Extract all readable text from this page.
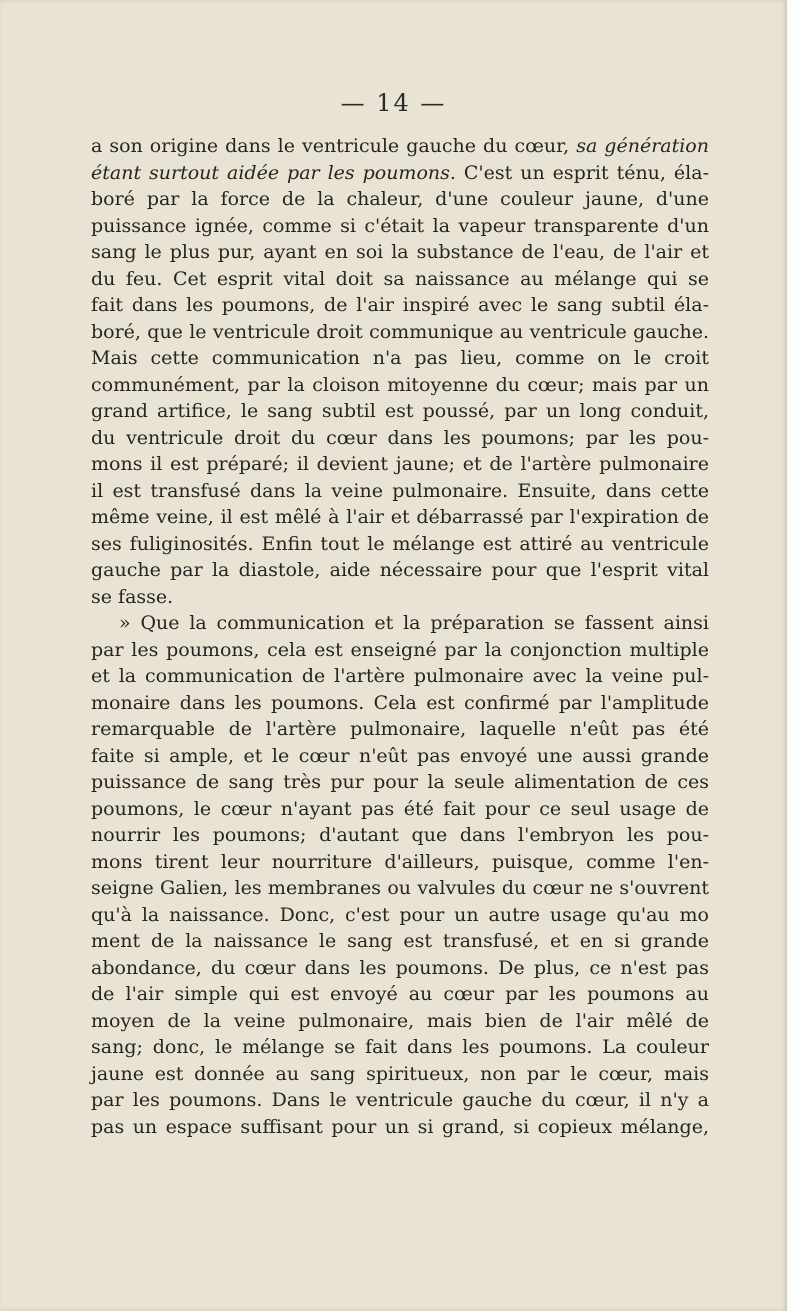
— 14 —
a son origine dans le ventricule gauche du cœur, sa génération
étant surtout aidée par les poumons. C'est un esprit ténu, éla-
boré par la force de la chaleur, d'une couleur jaune, d'une
puissance ignée, comme si c'était la vapeur transparente d'un
sang le plus pur, ayant en soi la substance de l'eau, de l'air et
du feu. Cet esprit vital doit sa naissance au mélange qui se
fait dans les poumons, de l'air inspiré avec le sang subtil éla-
boré, que le ventricule droit communique au ventricule gauche.
Mais cette communication n'a pas lieu, comme on le croit
communément, par la cloison mitoyenne du cœur; mais par un
grand artifice, le sang subtil est poussé, par un long conduit,
du ventricule droit du cœur dans les poumons; par les pou-
mons il est préparé; il devient jaune; et de l'artère pulmonaire
il est transfusé dans la veine pulmonaire. Ensuite, dans cette
même veine, il est mêlé à l'air et débarrassé par l'expiration de
ses fuliginosités. Enfin tout le mélange est attiré au ventricule
gauche par la diastole, aide nécessaire pour que l'esprit vital
se fasse.
» Que la communication et la préparation se fassent ainsi
par les poumons, cela est enseigné par la conjonction multiple
et la communication de l'artère pulmonaire avec la veine pul-
monaire dans les poumons. Cela est confirmé par l'amplitude
remarquable de l'artère pulmonaire, laquelle n'eût pas été
faite si ample, et le cœur n'eût pas envoyé une aussi grande
puissance de sang très pur pour la seule alimentation de ces
poumons, le cœur n'ayant pas été fait pour ce seul usage de
nourrir les poumons; d'autant que dans l'embryon les pou-
mons tirent leur nourriture d'ailleurs, puisque, comme l'en-
seigne Galien, les membranes ou valvules du cœur ne s'ouvrent
qu'à la naissance. Donc, c'est pour un autre usage qu'au mo
ment de la naissance le sang est transfusé, et en si grande
abondance, du cœur dans les poumons. De plus, ce n'est pas
de l'air simple qui est envoyé au cœur par les poumons au
moyen de la veine pulmonaire, mais bien de l'air mêlé de
sang; donc, le mélange se fait dans les poumons. La couleur
jaune est donnée au sang spiritueux, non par le cœur, mais
par les poumons. Dans le ventricule gauche du cœur, il n'y a
pas un espace suffisant pour un si grand, si copieux mélange,
